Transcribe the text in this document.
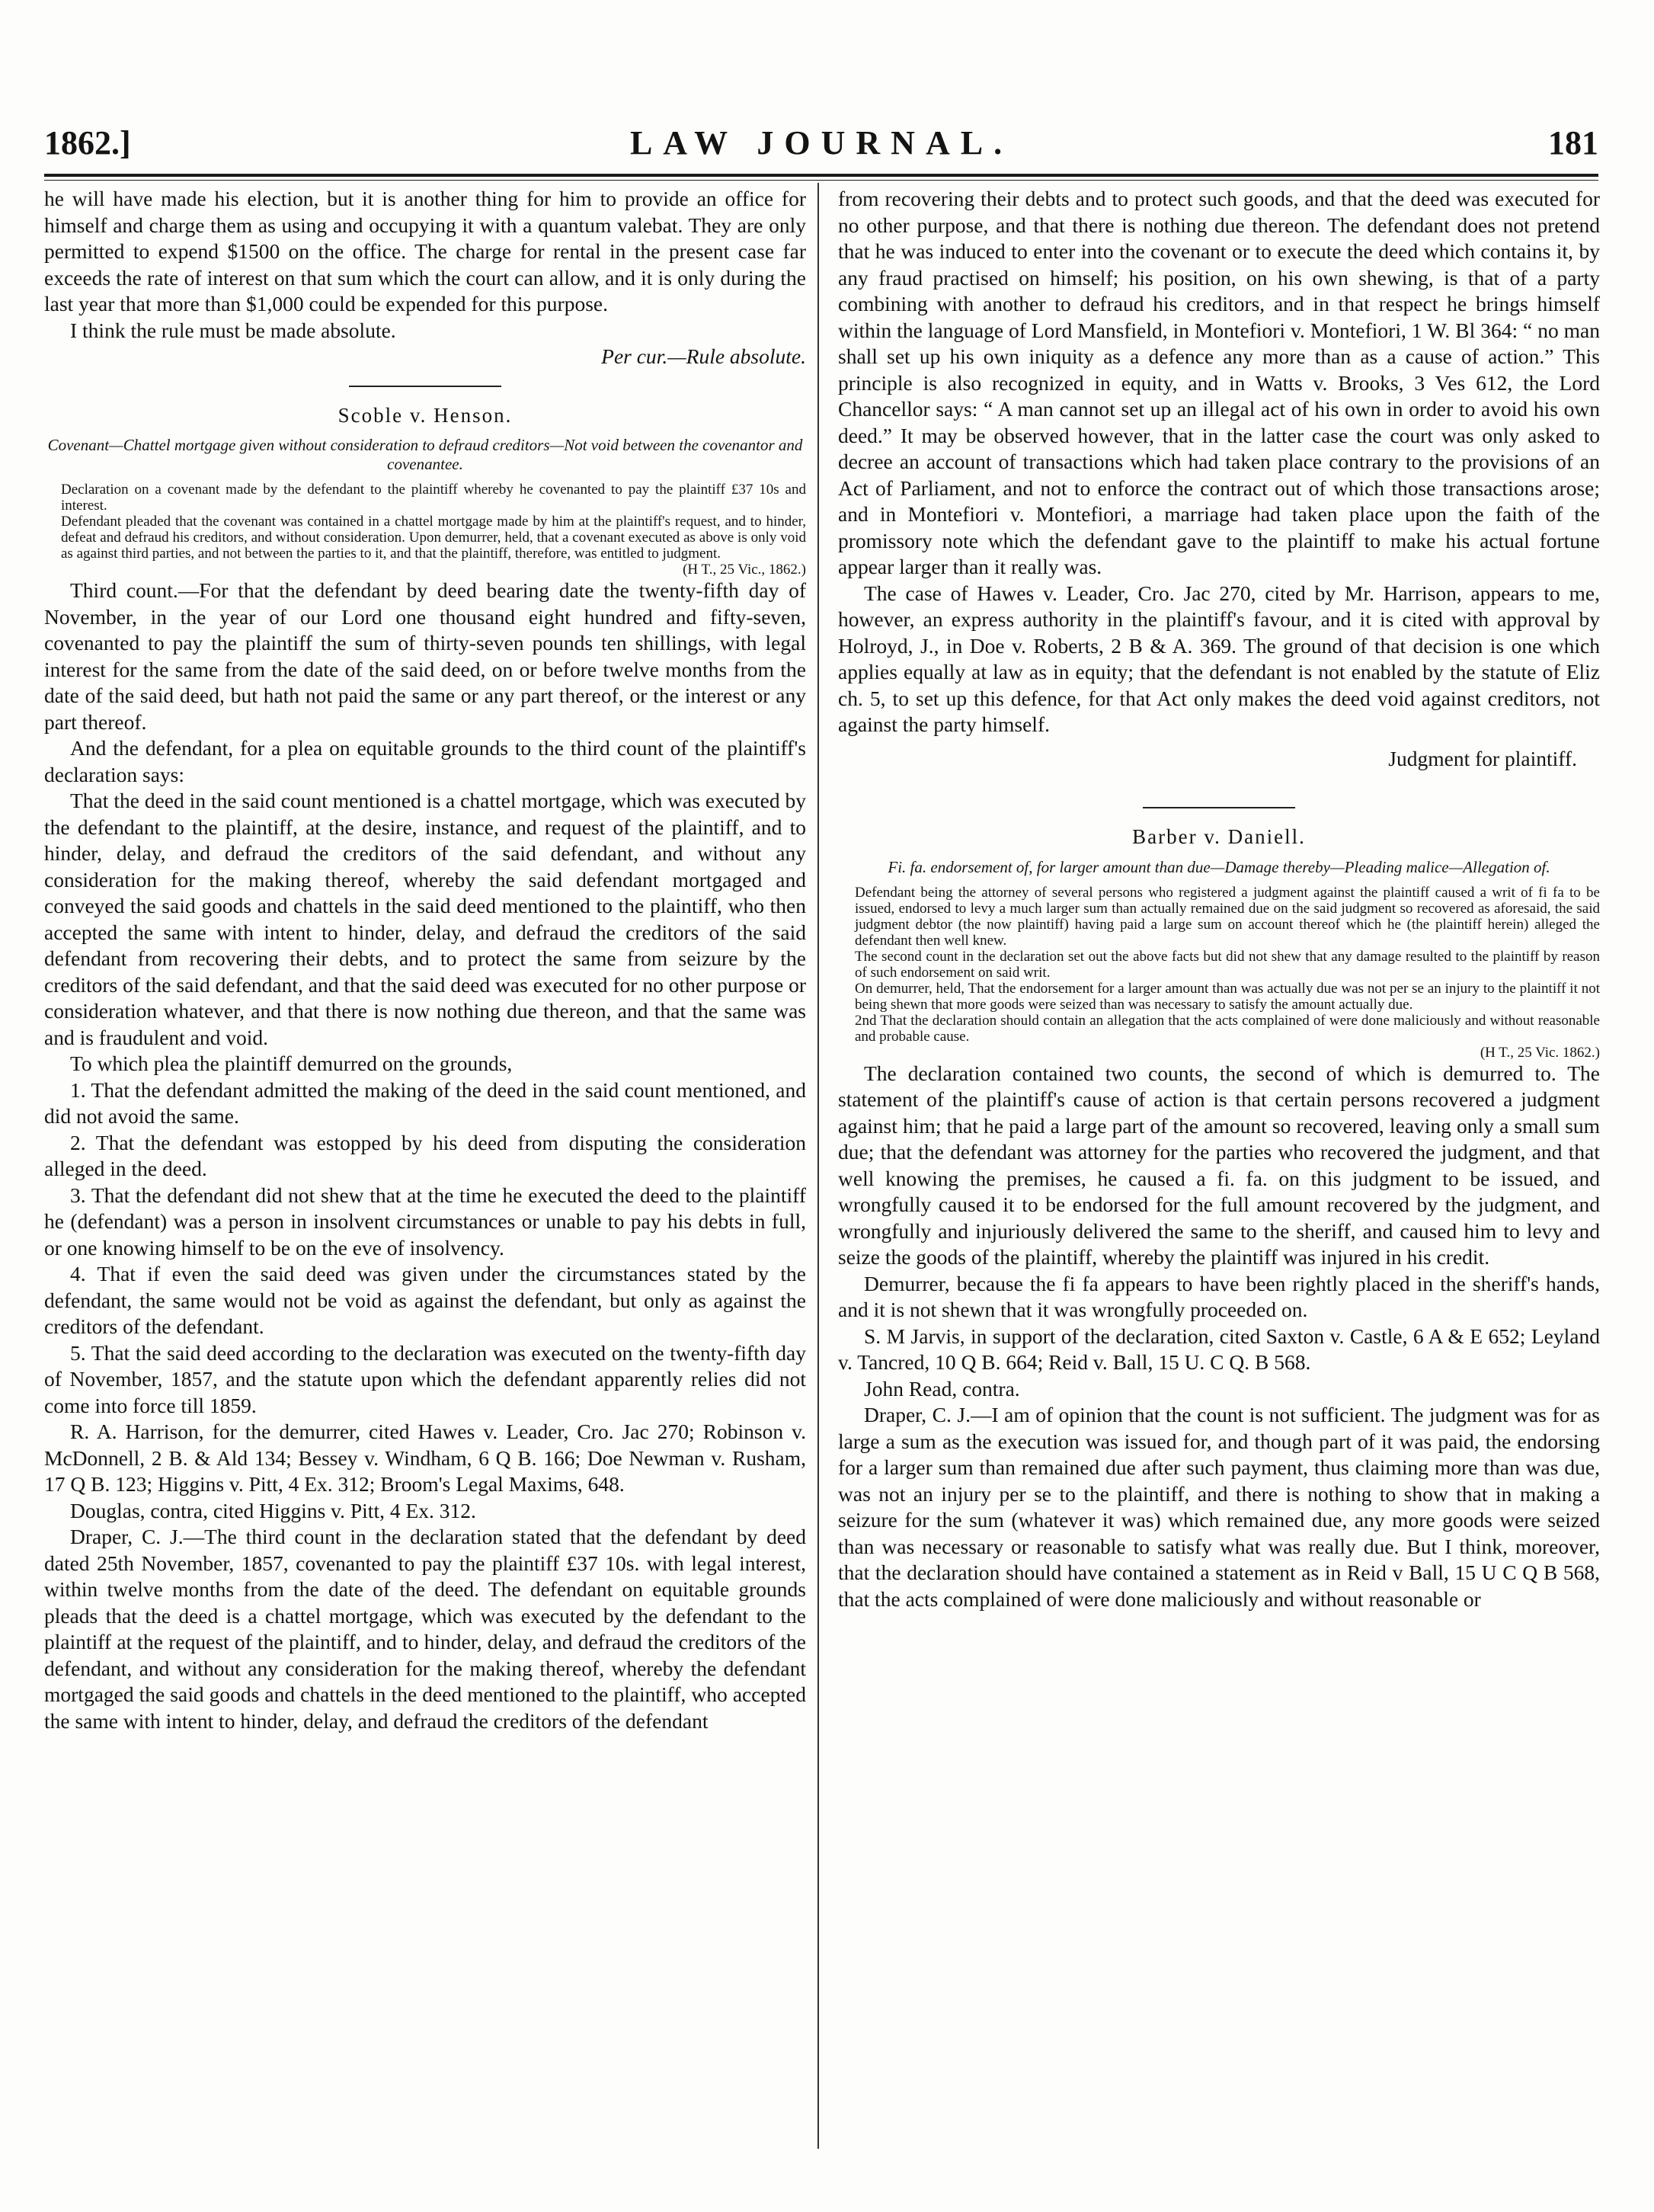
1862.]	LAW JOURNAL.	181

he will have made his election, but it is another thing for him to provide an office for himself and charge them as using and occupying it with a quantum valebat. They are only permitted to expend $1500 on the office. The charge for rental in the present case far exceeds the rate of interest on that sum which the court can allow, and it is only during the last year that more than $1,000 could be expended for this purpose.

I think the rule must be made absolute.

Per cur.—Rule absolute.

Scoble v. Henson.

Covenant—Chattel mortgage given without consideration to defraud creditors—Not void between the covenantor and covenantee.

Declaration on a covenant made by the defendant to the plaintiff whereby he covenanted to pay the plaintiff £37 10s and interest.

Defendant pleaded that the covenant was contained in a chattel mortgage made by him at the plaintiff's request, and to hinder, defeat and defraud his creditors, and without consideration. Upon demurrer, held, that a covenant executed as above is only void as against third parties, and not between the parties to it, and that the plaintiff, therefore, was entitled to judgment.

(H T., 25 Vic., 1862.)

Third count.—For that the defendant by deed bearing date the twenty-fifth day of November, in the year of our Lord one thousand eight hundred and fifty-seven, covenanted to pay the plaintiff the sum of thirty-seven pounds ten shillings, with legal interest for the same from the date of the said deed, on or before twelve months from the date of the said deed, but hath not paid the same or any part thereof, or the interest or any part thereof.

And the defendant, for a plea on equitable grounds to the third count of the plaintiff's declaration says:

That the deed in the said count mentioned is a chattel mortgage, which was executed by the defendant to the plaintiff, at the desire, instance, and request of the plaintiff, and to hinder, delay, and defraud the creditors of the said defendant, and without any consideration for the making thereof, whereby the said defendant mortgaged and conveyed the said goods and chattels in the said deed mentioned to the plaintiff, who then accepted the same with intent to hinder, delay, and defraud the creditors of the said defendant from recovering their debts, and to protect the same from seizure by the creditors of the said defendant, and that the said deed was executed for no other purpose or consideration whatever, and that there is now nothing due thereon, and that the same was and is fraudulent and void.

To which plea the plaintiff demurred on the grounds,

1. That the defendant admitted the making of the deed in the said count mentioned, and did not avoid the same.

2. That the defendant was estopped by his deed from disputing the consideration alleged in the deed.

3. That the defendant did not shew that at the time he executed the deed to the plaintiff he (defendant) was a person in insolvent circumstances or unable to pay his debts in full, or one knowing himself to be on the eve of insolvency.

4. That if even the said deed was given under the circumstances stated by the defendant, the same would not be void as against the defendant, but only as against the creditors of the defendant.

5. That the said deed according to the declaration was executed on the twenty-fifth day of November, 1857, and the statute upon which the defendant apparently relies did not come into force till 1859.

R. A. Harrison, for the demurrer, cited Hawes v. Leader, Cro. Jac 270; Robinson v. McDonnell, 2 B. & Ald 134; Bessey v. Windham, 6 Q B. 166; Doe Newman v. Rusham, 17 Q B. 123; Higgins v. Pitt, 4 Ex. 312; Broom's Legal Maxims, 648.

Douglas, contra, cited Higgins v. Pitt, 4 Ex. 312.

Draper, C. J.—The third count in the declaration stated that the defendant by deed dated 25th November, 1857, covenanted to pay the plaintiff £37 10s. with legal interest, within twelve months from the date of the deed. The defendant on equitable grounds pleads that the deed is a chattel mortgage, which was executed by the defendant to the plaintiff at the request of the plaintiff, and to hinder, delay, and defraud the creditors of the defendant, and without any consideration for the making thereof, whereby the defendant mortgaged the said goods and chattels in the deed mentioned to the plaintiff, who accepted the same with intent to hinder, delay, and defraud the creditors of the defendant

from recovering their debts and to protect such goods, and that the deed was executed for no other purpose, and that there is nothing due thereon. The defendant does not pretend that he was induced to enter into the covenant or to execute the deed which contains it, by any fraud practised on himself; his position, on his own shewing, is that of a party combining with another to defraud his creditors, and in that respect he brings himself within the language of Lord Mansfield, in Montefiori v. Montefiori, 1 W. Bl 364: “ no man shall set up his own iniquity as a defence any more than as a cause of action.” This principle is also recognized in equity, and in Watts v. Brooks, 3 Ves 612, the Lord Chancellor says: “ A man cannot set up an illegal act of his own in order to avoid his own deed.” It may be observed however, that in the latter case the court was only asked to decree an account of transactions which had taken place contrary to the provisions of an Act of Parliament, and not to enforce the contract out of which those transactions arose; and in Montefiori v. Montefiori, a marriage had taken place upon the faith of the promissory note which the defendant gave to the plaintiff to make his actual fortune appear larger than it really was.

The case of Hawes v. Leader, Cro. Jac 270, cited by Mr. Harrison, appears to me, however, an express authority in the plaintiff's favour, and it is cited with approval by Holroyd, J., in Doe v. Roberts, 2 B & A. 369. The ground of that decision is one which applies equally at law as in equity; that the defendant is not enabled by the statute of Eliz ch. 5, to set up this defence, for that Act only makes the deed void against creditors, not against the party himself.

Judgment for plaintiff.

Barber v. Daniell.

Fi. fa. endorsement of, for larger amount than due—Damage thereby—Pleading malice—Allegation of.

Defendant being the attorney of several persons who registered a judgment against the plaintiff caused a writ of fi fa to be issued, endorsed to levy a much larger sum than actually remained due on the said judgment so recovered as aforesaid, the said judgment debtor (the now plaintiff) having paid a large sum on account thereof which he (the plaintiff herein) alleged the defendant then well knew.

The second count in the declaration set out the above facts but did not shew that any damage resulted to the plaintiff by reason of such endorsement on said writ.

On demurrer, held, That the endorsement for a larger amount than was actually due was not per se an injury to the plaintiff it not being shewn that more goods were seized than was necessary to satisfy the amount actually due.

2nd That the declaration should contain an allegation that the acts complained of were done maliciously and without reasonable and probable cause.

(H T., 25 Vic. 1862.)

The declaration contained two counts, the second of which is demurred to. The statement of the plaintiff's cause of action is that certain persons recovered a judgment against him; that he paid a large part of the amount so recovered, leaving only a small sum due; that the defendant was attorney for the parties who recovered the judgment, and that well knowing the premises, he caused a fi. fa. on this judgment to be issued, and wrongfully caused it to be endorsed for the full amount recovered by the judgment, and wrongfully and injuriously delivered the same to the sheriff, and caused him to levy and seize the goods of the plaintiff, whereby the plaintiff was injured in his credit.

Demurrer, because the fi fa appears to have been rightly placed in the sheriff's hands, and it is not shewn that it was wrongfully proceeded on.

S. M Jarvis, in support of the declaration, cited Saxton v. Castle, 6 A & E 652; Leyland v. Tancred, 10 Q B. 664; Reid v. Ball, 15 U. C Q. B 568.

John Read, contra.

Draper, C. J.—I am of opinion that the count is not sufficient. The judgment was for as large a sum as the execution was issued for, and though part of it was paid, the endorsing for a larger sum than remained due after such payment, thus claiming more than was due, was not an injury per se to the plaintiff, and there is nothing to show that in making a seizure for the sum (whatever it was) which remained due, any more goods were seized than was necessary or reasonable to satisfy what was really due. But I think, moreover, that the declaration should have contained a statement as in Reid v Ball, 15 U C Q B 568, that the acts complained of were done maliciously and without reasonable or
